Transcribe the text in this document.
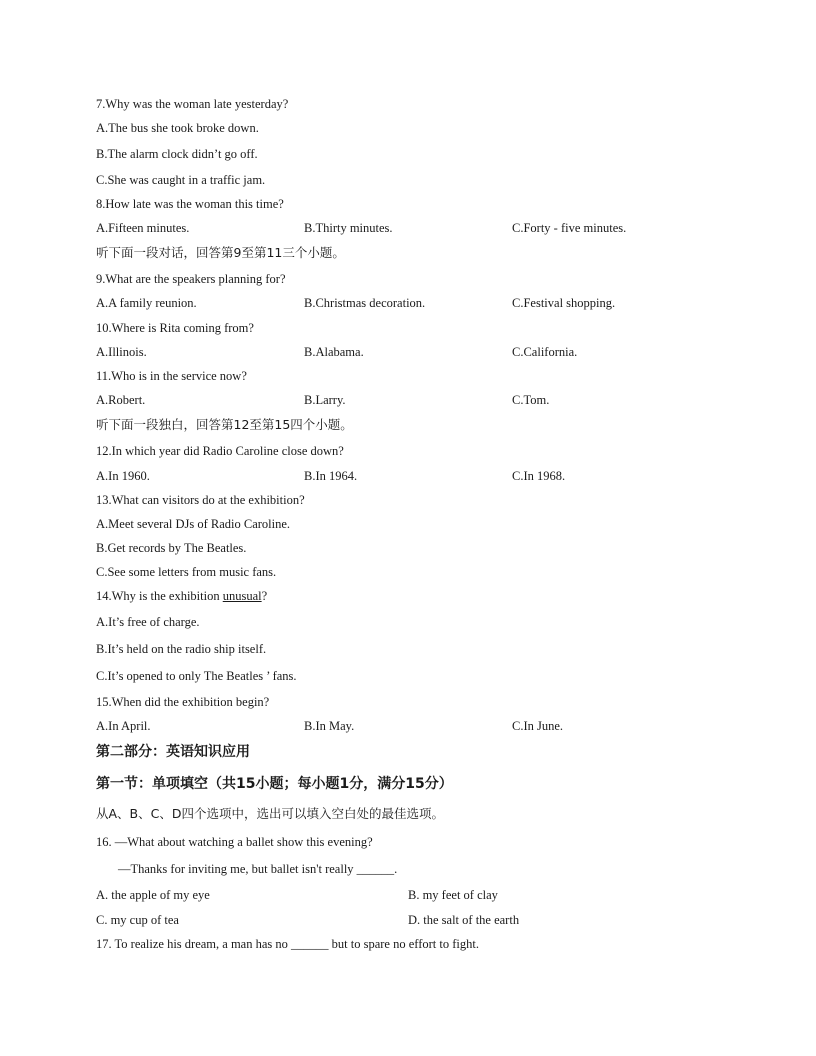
7.Why was the woman late yesterday?
A.The bus she took broke down.
B.The alarm clock didn’t go off.
C.She was caught in a traffic jam.
8.How late was the woman this time?
A.Fifteen minutes.	B.Thirty minutes.	C.Forty - five minutes.
听下面一段对话，回答第9至第11三个小题。
9.What are the speakers planning for?
A.A family reunion.	B.Christmas decoration.	C.Festival shopping.
10.Where is Rita coming from?
A.Illinois.	B.Alabama.	C.California.
11.Who is in the service now?
A.Robert.	B.Larry.	C.Tom.
听下面一段独白，回答第12至第15四个小题。
12.In which year did Radio Caroline close down?
A.In 1960.	B.In 1964.	C.In 1968.
13.What can visitors do at the exhibition?
A.Meet several DJs of Radio Caroline.
B.Get records by The Beatles.
C.See some letters from music fans.
14.Why is the exhibition unusual?
A.It’s free of charge.
B.It’s held on the radio ship itself.
C.It’s opened to only The Beatles ’ fans.
15.When did the exhibition begin?
A.In April.	B.In May.	C.In June.
第二部分：英语知识应用
第一节：单项填空（共15小题；每小题1分，满分15分）
从A、B、C、D四个选项中，选出可以填入空白处的最佳选项。
16. —What about watching a ballet show this evening?
—Thanks for inviting me, but ballet isn't really ______.
A. the apple of my eye	B. my feet of clay
C. my cup of tea	D. the salt of the earth
17. To realize his dream, a man has no ______ but to spare no effort to fight.
